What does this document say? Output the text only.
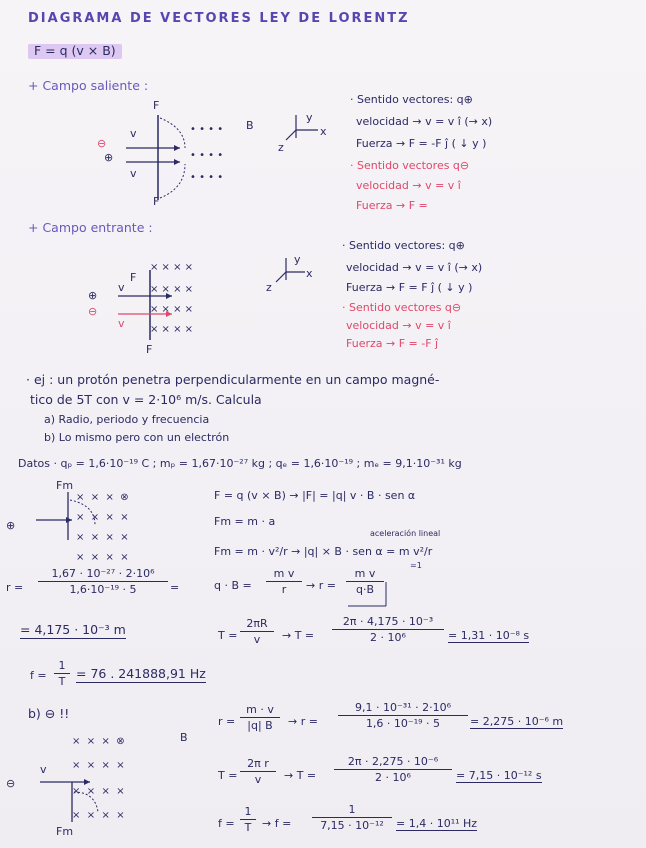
DIAGRAMA DE VECTORES LEY DE LORENTZ
F = q (v × B)
+ Campo saliente :
F
v
⊖
⊕
v
F
• • • •
• • • •
• • • •
B
y
x
z
· Sentido vectores: q⊕
velocidad → v = v î (→ x)
Fuerza → F = -F ĵ ( ↓ y )
· Sentido vectores q⊖
velocidad → v = v î
Fuerza → F =
+ Campo entrante :
× × × ×
× × × ×
× × × ×
× × × ×
F
v
⊕
⊖
v
F
y
x
z
· Sentido vectores: q⊕
velocidad → v = v î (→ x)
Fuerza → F = F ĵ ( ↓ y )
· Sentido vectores q⊖
velocidad → v = v î
Fuerza → F = -F ĵ
· ej : un protón penetra perpendicularmente en un campo magné-
tico de 5T con v = 2·10⁶ m/s. Calcula
a) Radio, periodo y frecuencia
b) Lo mismo pero con un electrón
Datos · qₚ = 1,6·10⁻¹⁹ C ; mₚ = 1,67·10⁻²⁷ kg ; qₑ = 1,6·10⁻¹⁹ ; mₑ = 9,1·10⁻³¹ kg
Fm
×  ×  ×  ⊗
×  ×  ×  ×
×  ×  ×  ×
×  ×  ×  ×
⊕
F = q (v × B) → |F| = |q| v · B · sen α
Fm = m · a
aceleración lineal
Fm = m · v²/r → |q| × B · sen α = m v²/r
=1
$r = \frac{\text{1,67 · 10⁻²⁷ · 2·10⁶}}{\text{1,6·10⁻¹⁹ · 5}}$ =	$q \cdot B = \frac{\text{m v}}{r} \to r = \frac{\text{m v}}{q\cdot B}$
= 4,175 · 10⁻³ m	$T = \frac{2\pi R}{v} \to T = \frac{\text{2π · 4,175 · 10⁻³}}{\text{2 · 10⁶}} = 1,31 \cdot 10^{-8}$ s
$f = \frac{1}{T} = 76$ . 241888,91 Hz
b) ⊖ !!
×  ×  ×  ⊗	B
×  ×  ×  ×
×  ×  ×  ×
×  ×  ×  ×
v
⊖
Fm
$r = \frac{m \cdot v}{|q| B} \to r = \frac{\text{9,1 · 10⁻³¹ · 2·10⁶}}{\text{1,6 · 10⁻¹⁹ · 5}} = 2,275 \cdot 10^{-6}$ m
$T = \frac{\text{2π r}}{v} \to T = \frac{\text{2π · 2,275 · 10⁻⁶}}{\text{2 · 10⁶}} = 7,15 \cdot 10^{-12}$ s
$f = \frac{1}{T} \to f = \frac{1}{\text{7,15 · 10⁻¹²}} = 1,4 \cdot 10^{11}$ Hz
